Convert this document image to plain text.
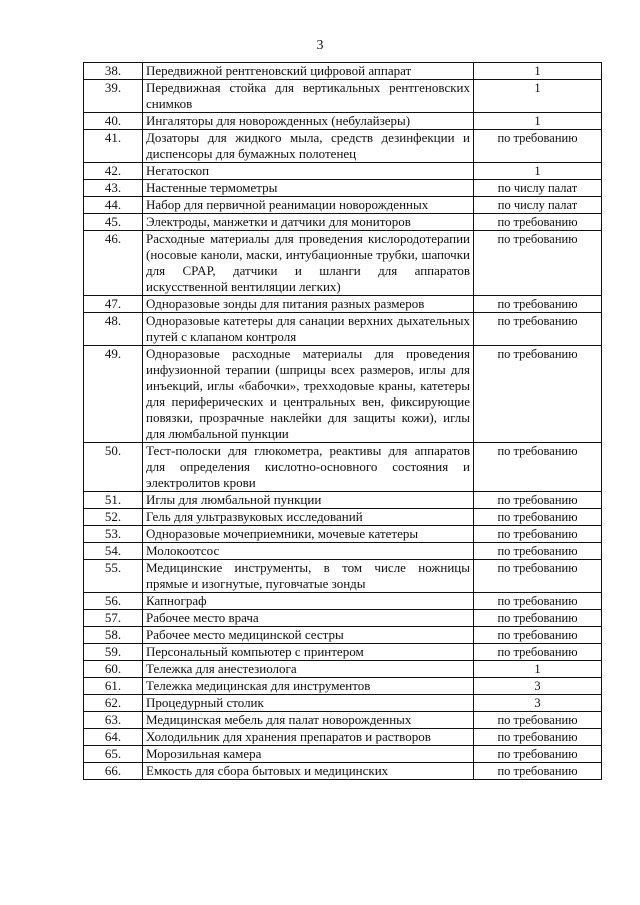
3
38.	Передвижной рентгеновский цифровой аппарат	1
39.	Передвижная стойка для вертикальных рентгеновских снимков	1
40.	Ингаляторы для новорожденных (небулайзеры)	1
41.	Дозаторы для жидкого мыла, средств дезинфекции и диспенсоры для бумажных полотенец	по требованию
42.	Негатоскоп	1
43.	Настенные термометры	по числу палат
44.	Набор для первичной реанимации новорожденных	по числу палат
45.	Электроды, манжетки и датчики для мониторов	по требованию
46.	Расходные материалы для проведения кислородотерапии (носовые каноли, маски, интубационные трубки, шапочки для CPAP, датчики и шланги для аппаратов искусственной вентиляции легких)	по требованию
47.	Одноразовые зонды для питания разных размеров	по требованию
48.	Одноразовые катетеры для санации верхних дыхательных путей с клапаном контроля	по требованию
49.	Одноразовые расходные материалы для проведения инфузионной терапии (шприцы всех размеров, иглы для инъекций, иглы «бабочки», трехходовые краны, катетеры для периферических и центральных вен, фиксирующие повязки, прозрачные наклейки для защиты кожи), иглы для люмбальной пункции	по требованию
50.	Тест-полоски для глюкометра, реактивы для аппаратов для определения кислотно-основного состояния и электролитов крови	по требованию
51.	Иглы для люмбальной пункции	по требованию
52.	Гель для ультразвуковых исследований	по требованию
53.	Одноразовые мочеприемники, мочевые катетеры	по требованию
54.	Молокоотсос	по требованию
55.	Медицинские инструменты, в том числе ножницы прямые и изогнутые, пуговчатые зонды	по требованию
56.	Капнограф	по требованию
57.	Рабочее место врача	по требованию
58.	Рабочее место медицинской сестры	по требованию
59.	Персональный компьютер с принтером	по требованию
60.	Тележка для анестезиолога	1
61.	Тележка медицинская для инструментов	3
62.	Процедурный столик	3
63.	Медицинская мебель для палат новорожденных	по требованию
64.	Холодильник для хранения препаратов и растворов	по требованию
65.	Морозильная камера	по требованию
66.	Емкость для сбора бытовых и медицинских	по требованию
